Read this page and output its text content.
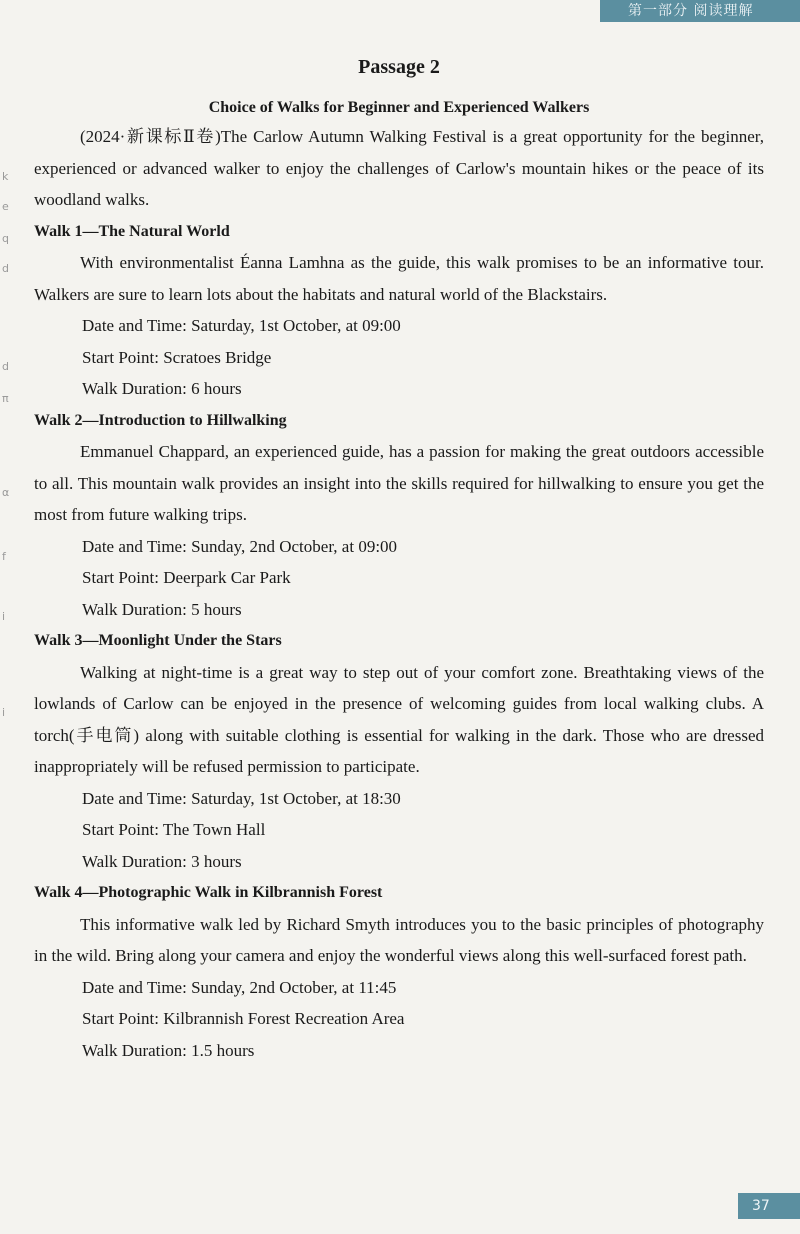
第一部分 阅读理解
k
e
q
d
d
π
α
f
i
i

Passage 2

Choice of Walks for Beginner and Experienced Walkers

(2024·新课标Ⅱ卷)The Carlow Autumn Walking Festival is a great opportunity for the beginner, experienced or advanced walker to enjoy the challenges of Carlow's mountain hikes or the peace of its woodland walks.

Walk 1—The Natural World

With environmentalist Éanna Lamhna as the guide, this walk promises to be an informative tour. Walkers are sure to learn lots about the habitats and natural world of the Blackstairs.

Date and Time: Saturday, 1st October, at 09:00

Start Point: Scratoes Bridge

Walk Duration: 6 hours

Walk 2—Introduction to Hillwalking

Emmanuel Chappard, an experienced guide, has a passion for making the great outdoors accessible to all. This mountain walk provides an insight into the skills required for hillwalking to ensure you get the most from future walking trips.

Date and Time: Sunday, 2nd October, at 09:00

Start Point: Deerpark Car Park

Walk Duration: 5 hours

Walk 3—Moonlight Under the Stars

Walking at night-time is a great way to step out of your comfort zone. Breathtaking views of the lowlands of Carlow can be enjoyed in the presence of welcoming guides from local walking clubs. A torch(手电筒) along with suitable clothing is essential for walking in the dark. Those who are dressed inappropriately will be refused permission to participate.

Date and Time: Saturday, 1st October, at 18:30

Start Point: The Town Hall

Walk Duration: 3 hours

Walk 4—Photographic Walk in Kilbrannish Forest

This informative walk led by Richard Smyth introduces you to the basic principles of photography in the wild. Bring along your camera and enjoy the wonderful views along this well-surfaced forest path.

Date and Time: Sunday, 2nd October, at 11:45

Start Point: Kilbrannish Forest Recreation Area

Walk Duration: 1.5 hours

37
